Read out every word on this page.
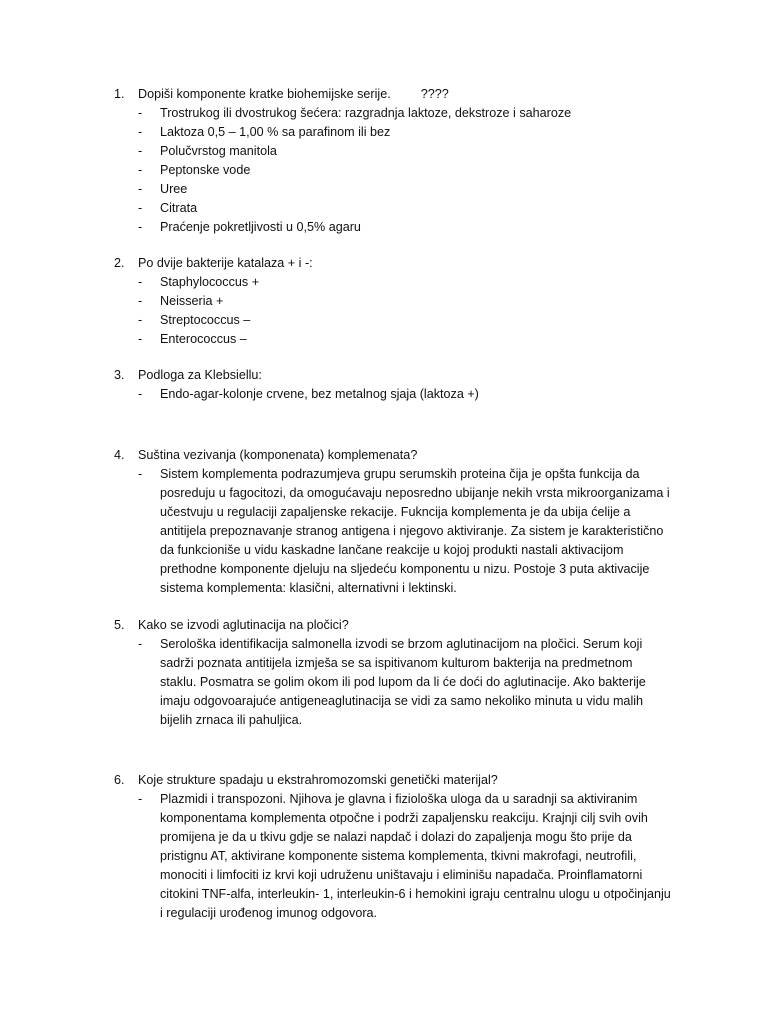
1.	Dopiši komponente kratke biohemijske serije. ????
-	Trostrukog ili dvostrukog šećera: razgradnja laktoze, dekstroze i saharoze
-	Laktoza 0,5 – 1,00 % sa parafinom ili bez
-	Polučvrstog manitola
-	Peptonske vode
-	Uree
-	Citrata
-	Praćenje pokretljivosti u 0,5% agaru
2.	Po dvije bakterije katalaza + i -:
-	Staphylococcus +
-	Neisseria +
-	Streptococcus –
-	Enterococcus –
3.	Podloga za Klebsiellu:
-	Endo-agar-kolonje crvene, bez metalnog sjaja (laktoza +)
4.	Suština vezivanja (komponenata) komplemenata?
-	Sistem komplementa podrazumjeva grupu serumskih proteina čija je opšta funkcija da posreduju u fagocitozi, da omogućavaju neposredno ubijanje nekih vrsta mikroorganizama i učestvuju u regulaciji zapaljenske rekacije. Fukncija komplementa je da ubija ćelije a antitijela prepoznavanje stranog antigena i njegovo aktiviranje. Za sistem je karakteristično da funkcioniše u vidu kaskadne lančane reakcije u kojoj produkti nastali aktivacijom prethodne komponente djeluju na sljedeću komponentu u nizu. Postoje 3 puta aktivacije sistema komplementa: klasični, alternativni i lektinski.
5.	Kako se izvodi aglutinacija na pločici?
-	Serološka identifikacija salmonella izvodi se brzom aglutinacijom na pločici. Serum koji sadrži poznata antitijela izmješa se sa ispitivanom kulturom bakterija na predmetnom staklu. Posmatra se golim okom ili pod lupom da li će doći do aglutinacije. Ako bakterije imaju odgovoarajuće antigeneaglutinacija se vidi za samo nekoliko minuta u vidu malih bijelih zrnaca ili pahuljica.
6.	Koje strukture spadaju u ekstrahromozomski genetički materijal?
-	Plazmidi i transpozoni. Njihova je glavna i fiziološka uloga da u saradnji sa aktiviranim komponentama komplementa otpočne i podrži zapaljensku reakciju. Krajnji cilj svih ovih promijena je da u tkivu gdje se nalazi napdač i dolazi do zapaljenja mogu što prije da pristignu AT, aktivirane komponente sistema komplementa, tkivni makrofagi, neutrofili, monociti i limfociti iz krvi koji udruženu uništavaju i eliminišu napadača. Proinflamatorni citokini TNF-alfa, interleukin- 1, interleukin-6 i hemokini igraju centralnu ulogu u otpočinjanju i regulaciji urođenog imunog odgovora.
